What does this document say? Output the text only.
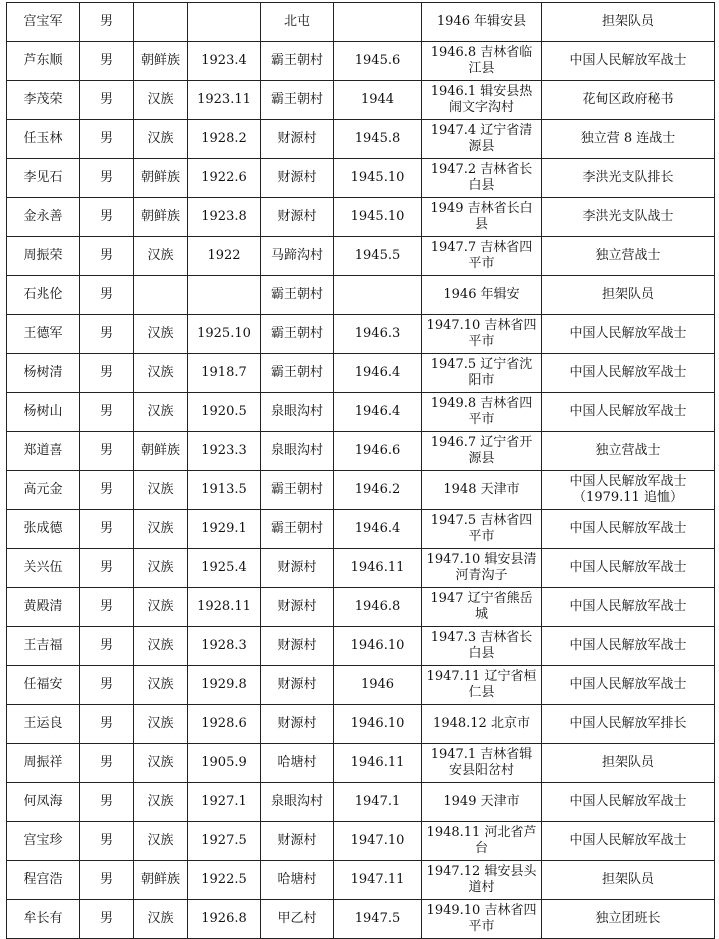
宫宝军	男			北屯		1946 年辑安县	担架队员
芦东顺	男	朝鲜族	1923.4	霸王朝村	1945.6	1946.8 吉林省临江县	中国人民解放军战士
李茂荣	男	汉族	1923.11	霸王朝村	1944	1946.1 辑安县热闹文字沟村	花甸区政府秘书
任玉林	男	汉族	1928.2	财源村	1945.8	1947.4 辽宁省清源县	独立营 8 连战士
李见石	男	朝鲜族	1922.6	财源村	1945.10	1947.2 吉林省长白县	李洪光支队排长
金永善	男	朝鲜族	1923.8	财源村	1945.10	1949 吉林省长白县	李洪光支队战士
周振荣	男	汉族	1922	马蹄沟村	1945.5	1947.7 吉林省四平市	独立营战士
石兆伦	男			霸王朝村		1946 年辑安	担架队员
王德军	男	汉族	1925.10	霸王朝村	1946.3	1947.10 吉林省四平市	中国人民解放军战士
杨树清	男	汉族	1918.7	霸王朝村	1946.4	1947.5 辽宁省沈阳市	中国人民解放军战士
杨树山	男	汉族	1920.5	泉眼沟村	1946.4	1949.8 吉林省四平市	中国人民解放军战士
郑道喜	男	朝鲜族	1923.3	泉眼沟村	1946.6	1946.7 辽宁省开源县	独立营战士
高元金	男	汉族	1913.5	霸王朝村	1946.2	1948 天津市	中国人民解放军战士
（1979.11 追恤）
张成德	男	汉族	1929.1	霸王朝村	1946.4	1947.5 吉林省四平市	中国人民解放军战士
关兴伍	男	汉族	1925.4	财源村	1946.11	1947.10 辑安县清河青沟子	中国人民解放军战士
黄殿清	男	汉族	1928.11	财源村	1946.8	1947 辽宁省熊岳城	中国人民解放军战士
王吉福	男	汉族	1928.3	财源村	1946.10	1947.3 吉林省长白县	中国人民解放军战士
任福安	男	汉族	1929.8	财源村	1946	1947.11 辽宁省桓仁县	中国人民解放军战士
王运良	男	汉族	1928.6	财源村	1946.10	1948.12 北京市	中国人民解放军排长
周振祥	男	汉族	1905.9	哈塘村	1946.11	1947.1 吉林省辑安县阳岔村	担架队员
何凤海	男	汉族	1927.1	泉眼沟村	1947.1	1949 天津市	中国人民解放军战士
宫宝珍	男	汉族	1927.5	财源村	1947.10	1948.11 河北省芦台	中国人民解放军战士
程宫浩	男	朝鲜族	1922.5	哈塘村	1947.11	1947.12 辑安县头道村	担架队员
牟长有	男	汉族	1926.8	甲乙村	1947.5	1949.10 吉林省四平市	独立团班长
